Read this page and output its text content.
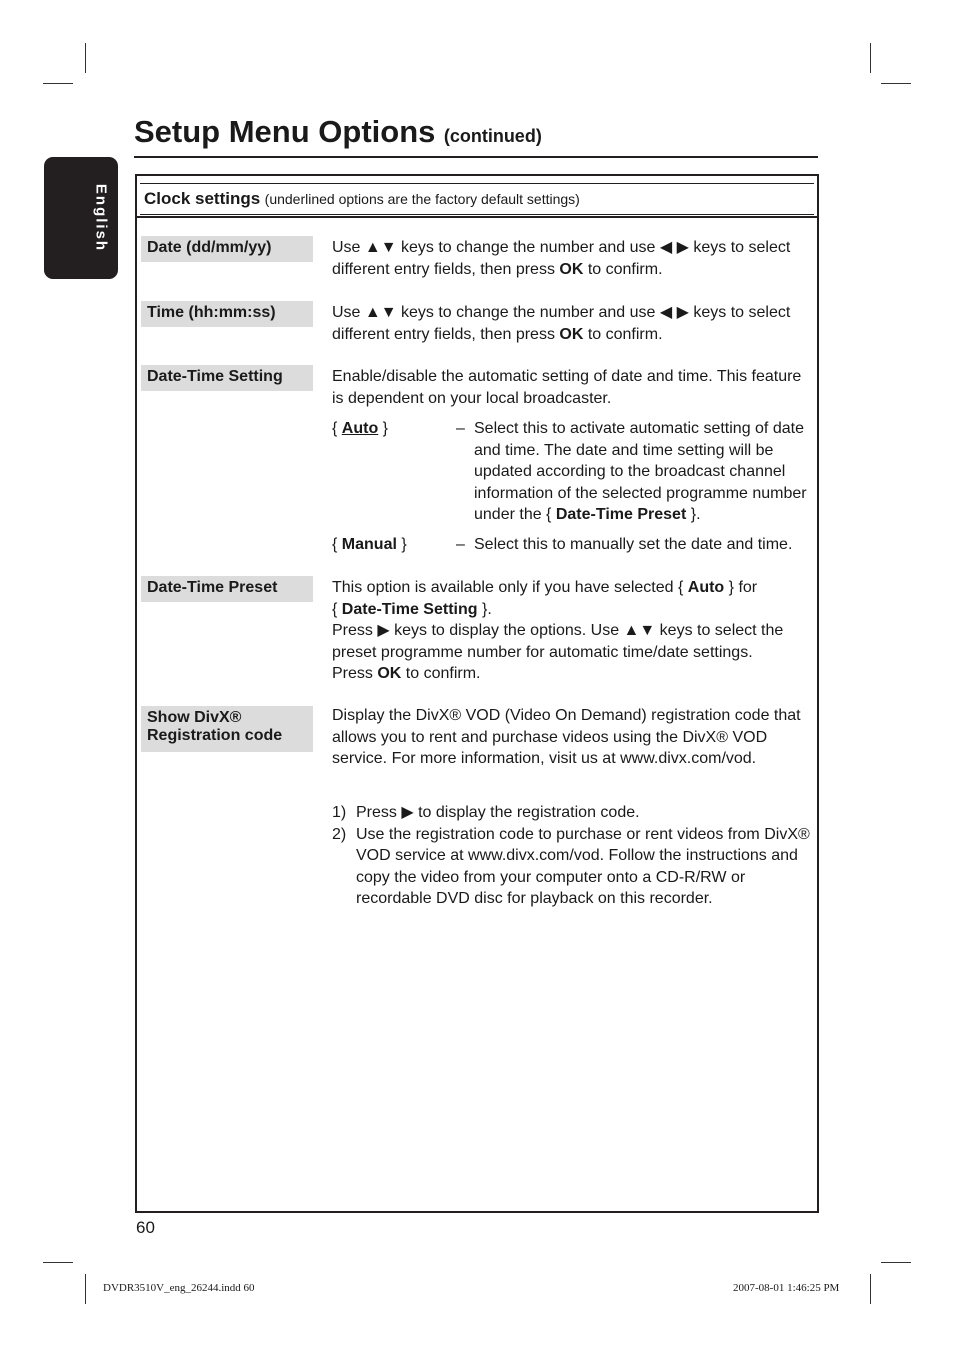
English
Setup Menu Options (continued)
Clock settings (underlined options are the factory default settings)
Date (dd/mm/yy)	Use ▲▼ keys to change the number and use ◀ ▶ keys to select different entry fields, then press OK to confirm.

Time (hh:mm:ss)	Use ▲▼ keys to change the number and use ◀ ▶ keys to select different entry fields, then press OK to confirm.

Date-Time Setting	Enable/disable the automatic setting of date and time. This feature is dependent on your local broadcaster.
{ Auto }	– Select this to activate automatic setting of date and time. The date and time setting will be updated according to the broadcast channel information of the selected programme number under the { Date-Time Preset }.
{ Manual }	– Select this to manually set the date and time.
Date-Time Preset	This option is available only if you have selected { Auto } for

{ Date-Time Setting }.

Press ▶ keys to display the options. Use ▲▼ keys to select the preset programme number for automatic time/date settings.

Press OK to confirm.

Show DivX®
Registration code
Display the DivX® VOD (Video On Demand) registration code that allows you to rent and purchase videos using the DivX® VOD service. For more information, visit us at www.divx.com/vod.
1) Press ▶ to display the registration code.
2) Use the registration code to purchase or rent videos from DivX® VOD service at www.divx.com/vod. Follow the instructions and copy the video from your computer onto a CD-R/RW or recordable DVD disc for playback on this recorder.
60
DVDR3510V_eng_26244.indd 60	2007-08-01 1:46:25 PM
